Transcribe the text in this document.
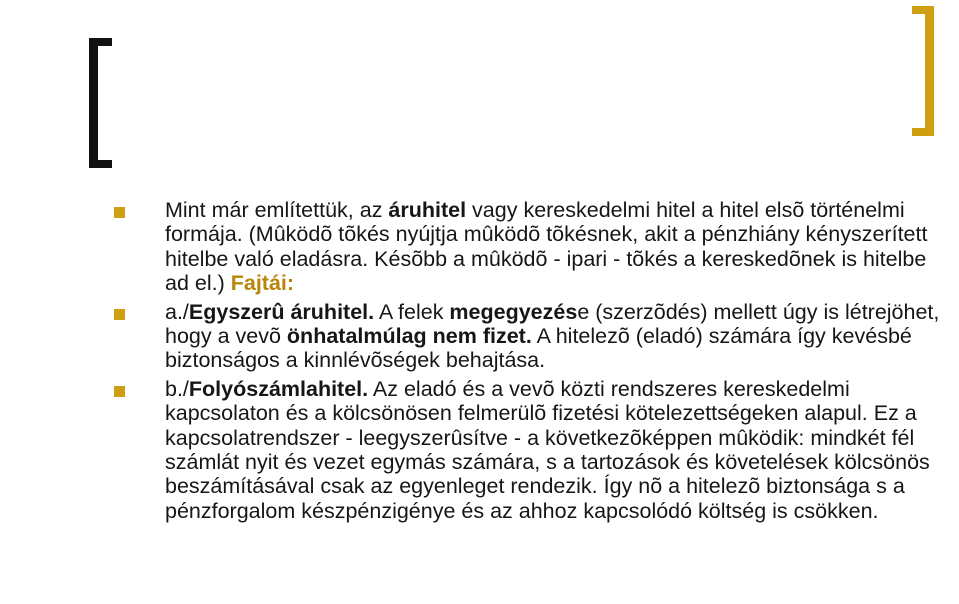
Mint már említettük, az áruhitel vagy kereskedelmi hitel a hitel elsõ történelmi formája. (Mûködõ tõkés nyújtja mûködõ tõkésnek, akit a pénzhiány kényszerített hitelbe való eladásra. Késõbb a mûködõ - ipari - tõkés a kereskedõnek is hitelbe ad el.) Fajtái:

a./Egyszerû áruhitel. A felek megegyezése (szerzõdés) mellett úgy is létrejöhet, hogy a vevõ önhatalmúlag nem fizet. A hitelezõ (eladó) számára így kevésbé biztonságos a kinnlévõségek behajtása.

b./Folyószámlahitel. Az eladó és a vevõ közti rendszeres kereskedelmi kapcsolaton és a kölcsönösen felmerülõ fizetési kötelezettségeken alapul. Ez a kapcsolatrendszer - leegyszerûsítve - a következõképpen mûködik: mindkét fél számlát nyit és vezet egymás számára, s a tartozások és követelések kölcsönös beszámításával csak az egyenleget rendezik. Így nõ a hitelezõ biztonsága s a pénzforgalom készpénzigénye és az ahhoz kapcsolódó költség is csökken.
